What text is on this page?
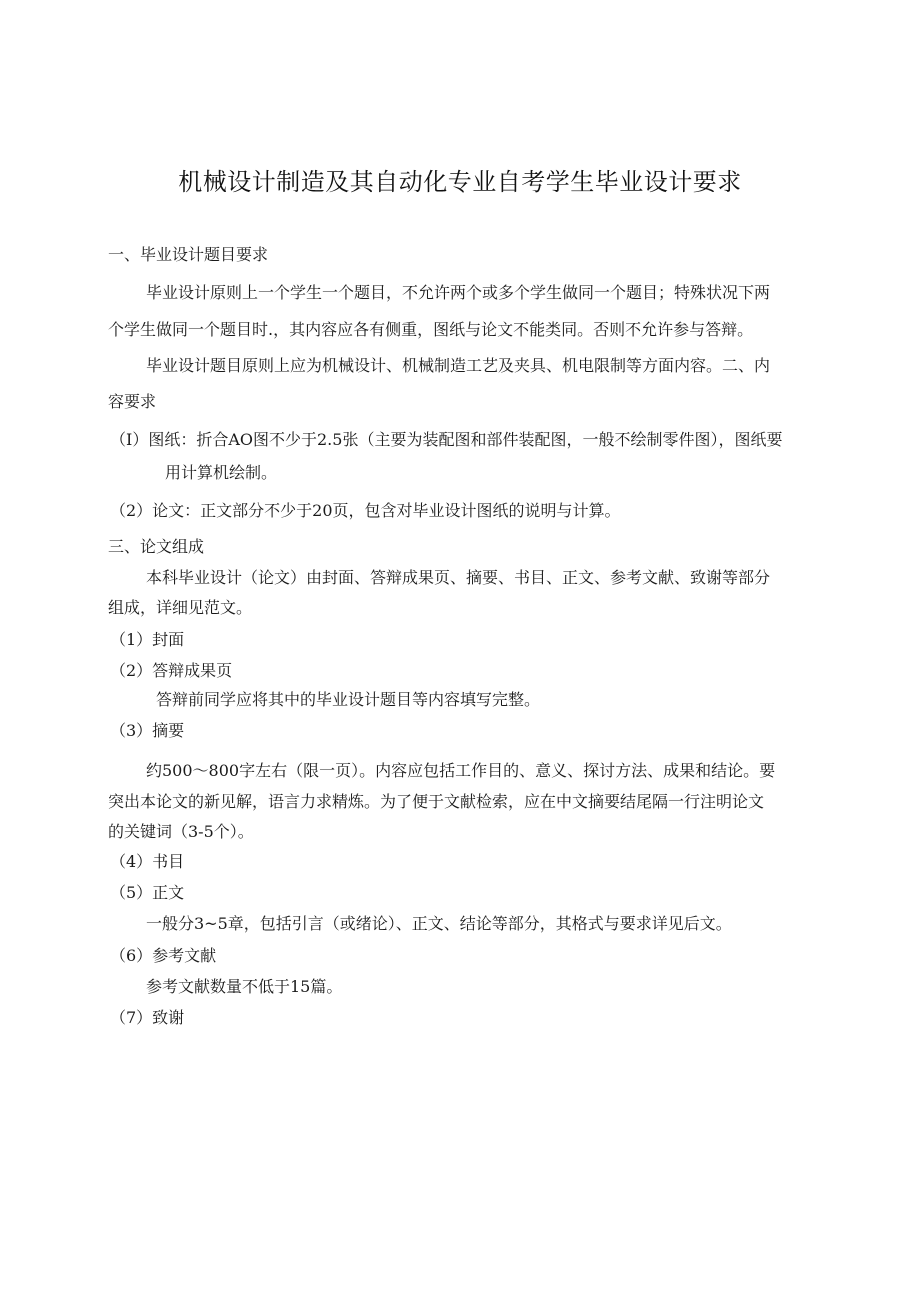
机械设计制造及其自动化专业自考学生毕业设计要求
一、毕业设计题目要求
毕业设计原则上一个学生一个题目，不允许两个或多个学生做同一个题目；特殊状况下两
个学生做同一个题目时.，其内容应各有侧重，图纸与论文不能类同。否则不允许参与答辩。
毕业设计题目原则上应为机械设计、机械制造工艺及夹具、机电限制等方面内容。二、内
容要求
（I）图纸：折合AO图不少于2.5张（主要为装配图和部件装配图，一般不绘制零件图），图纸要
用计算机绘制。
（2）论文：正文部分不少于20页，包含对毕业设计图纸的说明与计算。
三、论文组成
本科毕业设计（论文）由封面、答辩成果页、摘要、书目、正文、参考文献、致谢等部分
组成，详细见范文。
（1）封面
（2）答辩成果页
答辩前同学应将其中的毕业设计题目等内容填写完整。
（3）摘要
约500〜800字左右（限一页）。内容应包括工作目的、意义、探讨方法、成果和结论。要
突出本论文的新见解，语言力求精炼。为了便于文献检索，应在中文摘要结尾隔一行注明论文
的关键词（3-5个）。
（4）书目
（5）正文
一般分3~5章，包括引言（或绪论）、正文、结论等部分，其格式与要求详见后文。
（6）参考文献
参考文献数量不低于15篇。
（7）致谢
